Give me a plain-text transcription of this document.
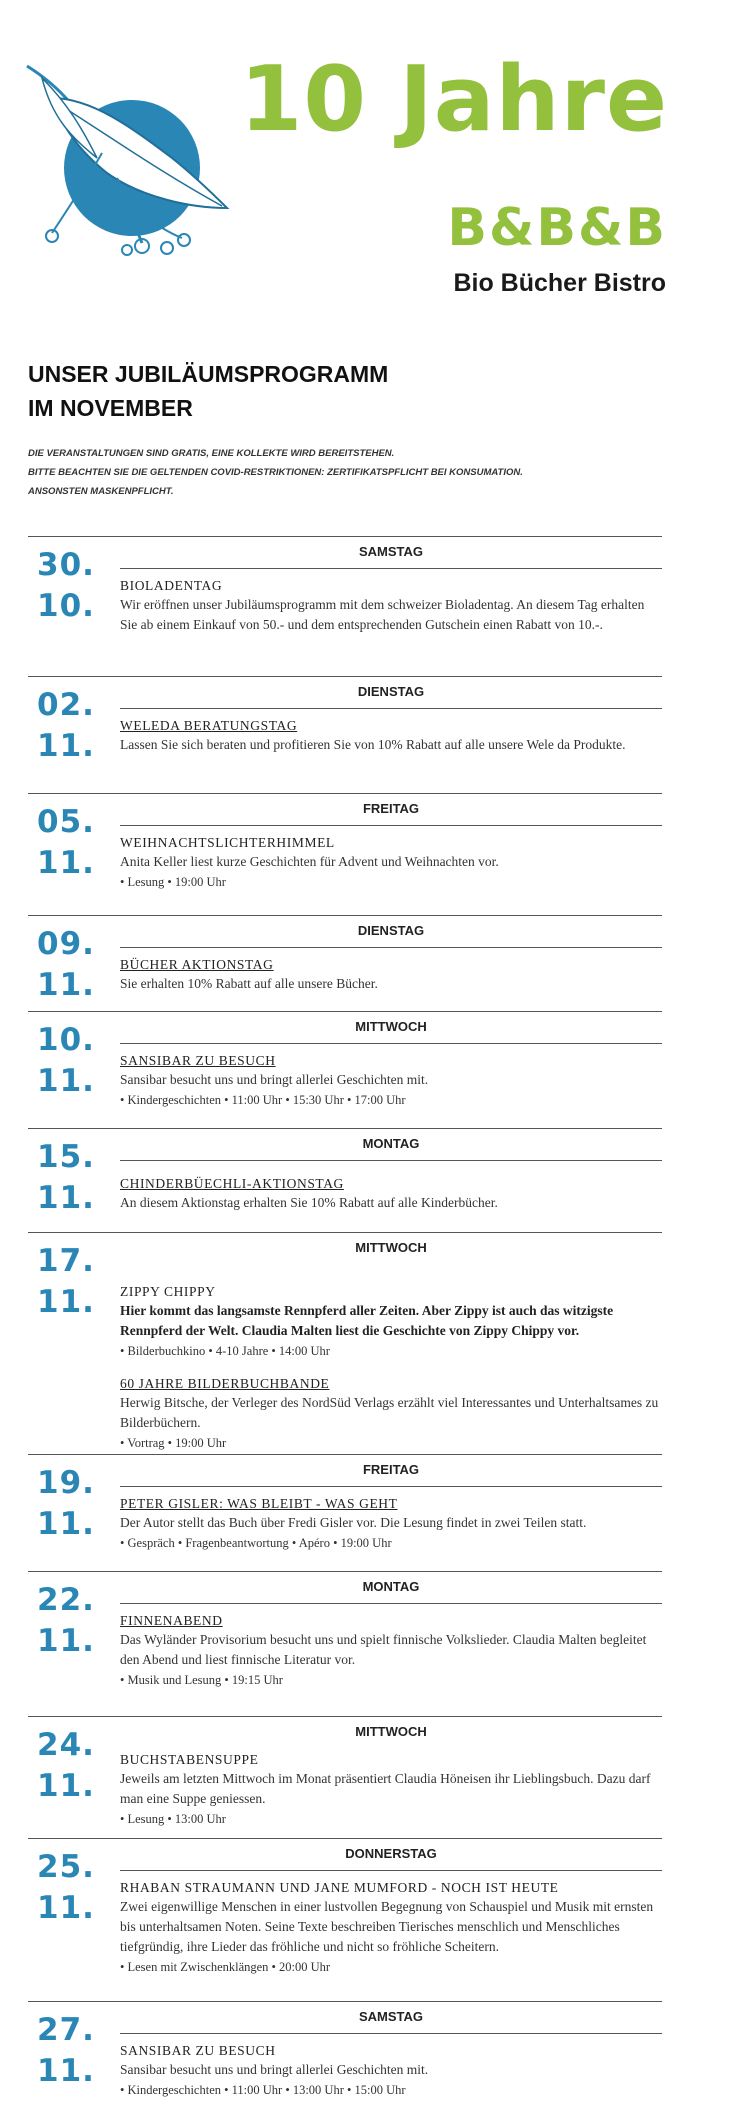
10 Jahre
B&B&B
Bio Bücher Bistro
UNSER JUBILÄUMSPROGRAMM
IM NOVEMBER
DIE VERANSTALTUNGEN SIND GRATIS, EINE KOLLEKTE WIRD BEREITSTEHEN.
BITTE BEACHTEN SIE DIE GELTENDEN COVID-RESTRIKTIONEN: ZERTIFIKATSPFLICHT BEI KONSUMATION.
ANSONSTEN MASKENPFLICHT.
30.
10.
SAMSTAG
BIOLADENTAG
Wir eröffnen unser Jubiläumsprogramm mit dem schweizer Bioladentag. An diesem Tag erhalten Sie ab einem Einkauf von 50.- und dem entsprechenden Gutschein einen Rabatt von 10.-.
02.
11.
DIENSTAG
WELEDA BERATUNGSTAG
Lassen Sie sich beraten und profitieren Sie von 10% Rabatt auf alle unsere Wele da Produkte.
05.
11.
FREITAG
WEIHNACHTSLICHTERHIMMEL
Anita Keller liest kurze Geschichten für Advent und Weihnachten vor.
• Lesung • 19:00 Uhr
09.
11.
DIENSTAG
BÜCHER AKTIONSTAG
Sie erhalten 10% Rabatt auf alle unsere Bücher.
10.
11.
MITTWOCH
SANSIBAR ZU BESUCH
Sansibar besucht uns und bringt allerlei Geschichten mit.
• Kindergeschichten • 11:00 Uhr • 15:30 Uhr • 17:00 Uhr
15.
11.
MONTAG
CHINDERBÜECHLI-AKTIONSTAG
An diesem Aktionstag erhalten Sie 10% Rabatt auf alle Kinderbücher.
17.
11.
MITTWOCH
ZIPPY CHIPPY
Hier kommt das langsamste Rennpferd aller Zeiten. Aber Zippy ist auch das witzigste Rennpferd der Welt. Claudia Malten liest die Geschichte von Zippy Chippy vor.
• Bilderbuchkino • 4-10 Jahre • 14:00 Uhr
60 JAHRE BILDERBUCHBANDE
Herwig Bitsche, der Verleger des NordSüd Verlags erzählt viel Interessantes und Unterhaltsames zu Bilderbüchern.
• Vortrag • 19:00 Uhr
19.
11.
FREITAG
PETER GISLER: WAS BLEIBT - WAS GEHT
Der Autor stellt das Buch über Fredi Gisler vor. Die Lesung findet in zwei Teilen statt.
• Gespräch • Fragenbeantwortung • Apéro • 19:00 Uhr
22.
11.
MONTAG
FINNENABEND
Das Wyländer Provisorium besucht uns und spielt finnische Volkslieder. Claudia Malten begleitet den Abend und liest finnische Literatur vor.
• Musik und Lesung • 19:15 Uhr
24.
11.
MITTWOCH
BUCHSTABENSUPPE
Jeweils am letzten Mittwoch im Monat präsentiert Claudia Höneisen ihr Lieblingsbuch. Dazu darf man eine Suppe geniessen.
• Lesung • 13:00 Uhr
25.
11.
DONNERSTAG
RHABAN STRAUMANN UND JANE MUMFORD - NOCH IST HEUTE
Zwei eigenwillige Menschen in einer lustvollen Begegnung von Schauspiel und Musik mit ernsten bis unterhaltsamen Noten. Seine Texte beschreiben Tierisches menschlich und Menschliches tiefgründig, ihre Lieder das fröhliche und nicht so fröhliche Scheitern.
• Lesen mit Zwischenklängen • 20:00 Uhr
27.
11.
SAMSTAG
SANSIBAR ZU BESUCH
Sansibar besucht uns und bringt allerlei Geschichten mit.
• Kindergeschichten • 11:00 Uhr • 13:00 Uhr • 15:00 Uhr
